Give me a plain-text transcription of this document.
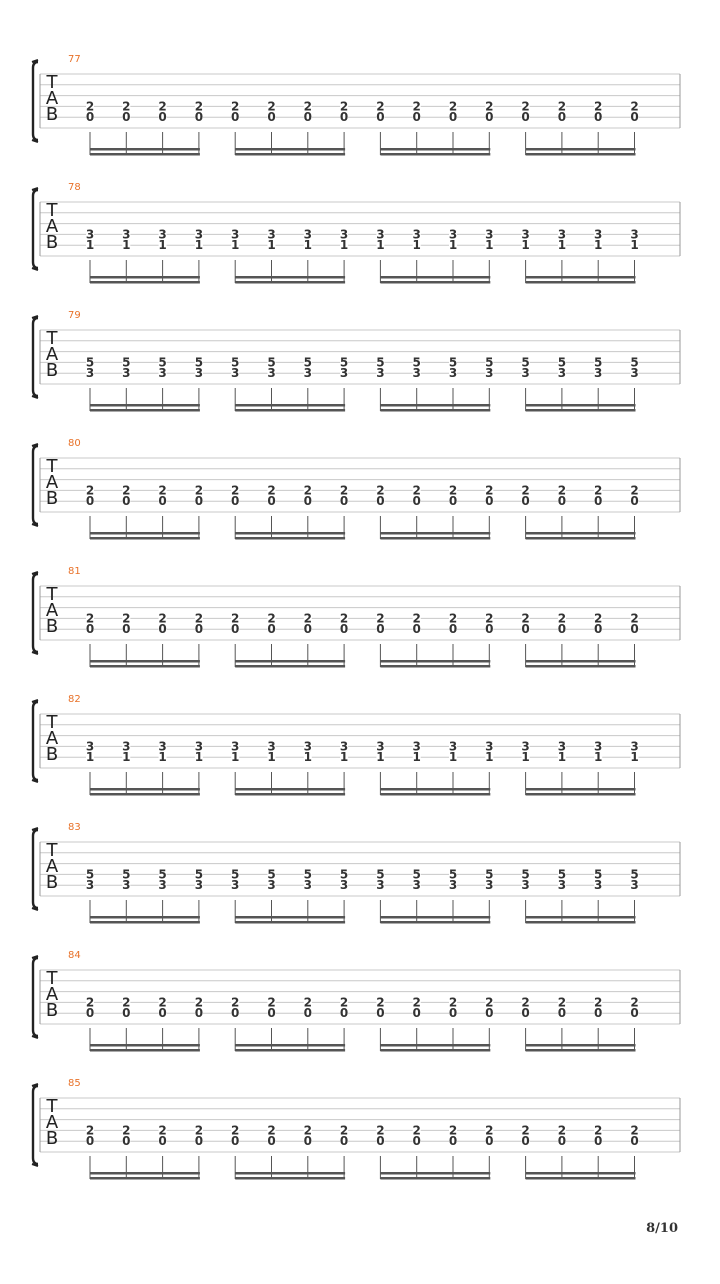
77
T
A
B 2
0
2
0
2
0
2
0
2
0
2
0
2
0
2
0
2
0
2
0
2
0
2
0
2
0
2
0
2
0
2
0
78
T
A
B 3
1
3
1
3
1
3
1
3
1
3
1
3
1
3
1
3
1
3
1
3
1
3
1
3
1
3
1
3
1
3
1
79
T
A
B 5
3
5
3
5
3
5
3
5
3
5
3
5
3
5
3
5
3
5
3
5
3
5
3
5
3
5
3
5
3
5
3
80
T
A
B 2
0
2
0
2
0
2
0
2
0
2
0
2
0
2
0
2
0
2
0
2
0
2
0
2
0
2
0
2
0
2
0
81
T
A
B 2
0
2
0
2
0
2
0
2
0
2
0
2
0
2
0
2
0
2
0
2
0
2
0
2
0
2
0
2
0
2
0
82
T
A
B 3
1
3
1
3
1
3
1
3
1
3
1
3
1
3
1
3
1
3
1
3
1
3
1
3
1
3
1
3
1
3
1
83
T
A
B 5
3
5
3
5
3
5
3
5
3
5
3
5
3
5
3
5
3
5
3
5
3
5
3
5
3
5
3
5
3
5
3
84
T
A
B 2
0
2
0
2
0
2
0
2
0
2
0
2
0
2
0
2
0
2
0
2
0
2
0
2
0
2
0
2
0
2
0
85
T
A
B 2
0
2
0
2
0
2
0
2
0
2
0
2
0
2
0
2
0
2
0
2
0
2
0
2
0
2
0
2
0
2
0
8/10
